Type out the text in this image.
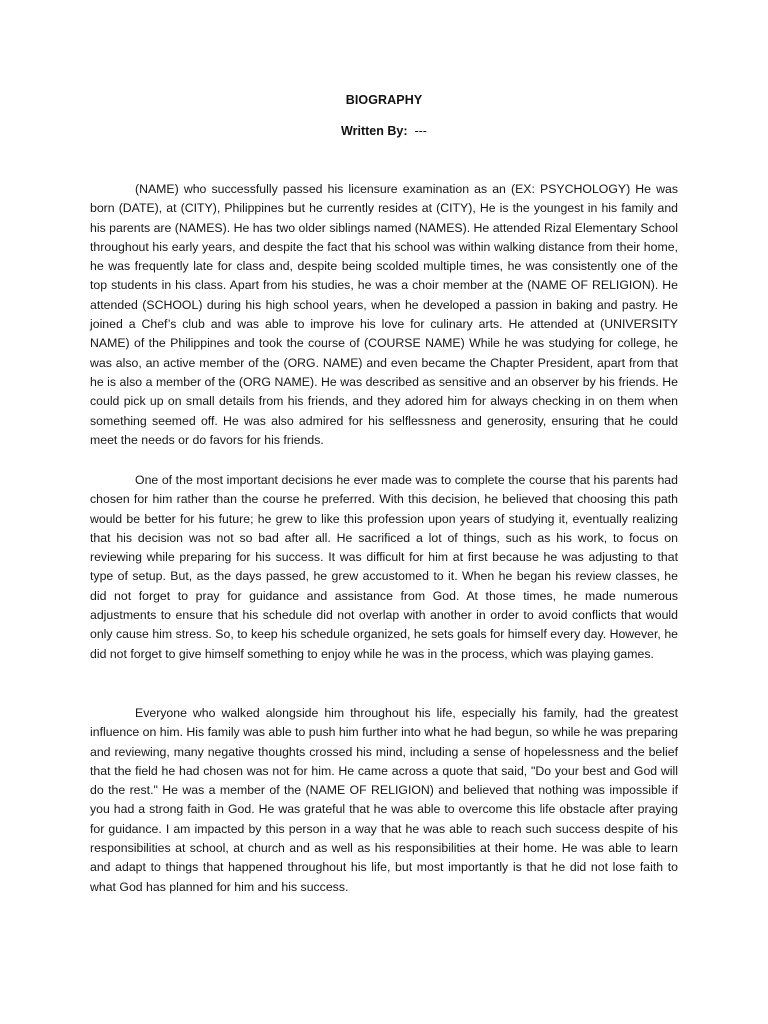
BIOGRAPHY
Written By: ---

(NAME) who successfully passed his licensure examination as an (EX: PSYCHOLOGY) He was born (DATE), at (CITY), Philippines but he currently resides at (CITY), He is the youngest in his family and his parents are (NAMES). He has two older siblings named (NAMES). He attended Rizal Elementary School throughout his early years, and despite the fact that his school was within walking distance from their home, he was frequently late for class and, despite being scolded multiple times, he was consistently one of the top students in his class. Apart from his studies, he was a choir member at the (NAME OF RELIGION). He attended (SCHOOL) during his high school years, when he developed a passion in baking and pastry. He joined a Chef’s club and was able to improve his love for culinary arts. He attended at (UNIVERSITY NAME) of the Philippines and took the course of (COURSE NAME) While he was studying for college, he was also, an active member of the (ORG. NAME) and even became the Chapter President, apart from that he is also a member of the (ORG NAME). He was described as sensitive and an observer by his friends. He could pick up on small details from his friends, and they adored him for always checking in on them when something seemed off. He was also admired for his selflessness and generosity, ensuring that he could meet the needs or do favors for his friends.

One of the most important decisions he ever made was to complete the course that his parents had chosen for him rather than the course he preferred. With this decision, he believed that choosing this path would be better for his future; he grew to like this profession upon years of studying it, eventually realizing that his decision was not so bad after all. He sacrificed a lot of things, such as his work, to focus on reviewing while preparing for his success. It was difficult for him at first because he was adjusting to that type of setup. But, as the days passed, he grew accustomed to it. When he began his review classes, he did not forget to pray for guidance and assistance from God. At those times, he made numerous adjustments to ensure that his schedule did not overlap with another in order to avoid conflicts that would only cause him stress. So, to keep his schedule organized, he sets goals for himself every day. However, he did not forget to give himself something to enjoy while he was in the process, which was playing games.

Everyone who walked alongside him throughout his life, especially his family, had the greatest influence on him. His family was able to push him further into what he had begun, so while he was preparing and reviewing, many negative thoughts crossed his mind, including a sense of hopelessness and the belief that the field he had chosen was not for him. He came across a quote that said, "Do your best and God will do the rest." He was a member of the (NAME OF RELIGION) and believed that nothing was impossible if you had a strong faith in God. He was grateful that he was able to overcome this life obstacle after praying for guidance. I am impacted by this person in a way that he was able to reach such success despite of his responsibilities at school, at church and as well as his responsibilities at their home. He was able to learn and adapt to things that happened throughout his life, but most importantly is that he did not lose faith to what God has planned for him and his success.
